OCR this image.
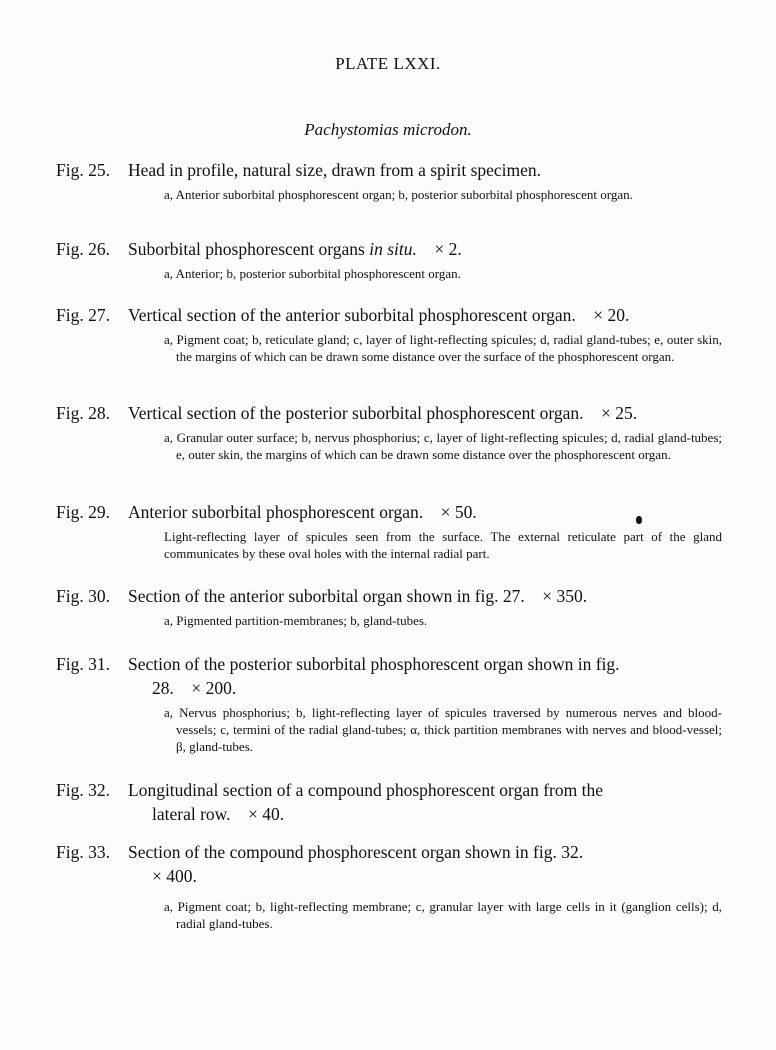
PLATE LXXI.
Pachystomias microdon.
Fig. 25.	Head in profile, natural size, drawn from a spirit specimen.
a, Anterior suborbital phosphorescent organ; b, posterior suborbital phosphorescent organ.
Fig. 26.	Suborbital phosphorescent organs in situ.    × 2.
a, Anterior; b, posterior suborbital phosphorescent organ.
Fig. 27.	Vertical section of the anterior suborbital phosphorescent organ.    × 20.
a, Pigment coat; b, reticulate gland; c, layer of light-reflecting spicules; d, radial gland-tubes; e, outer skin, the margins of which can be drawn some distance over the surface of the phosphorescent organ.
Fig. 28.	Vertical section of the posterior suborbital phosphorescent organ.    × 25.
a, Granular outer surface; b, nervus phosphorius; c, layer of light-reflecting spicules; d, radial gland-tubes; e, outer skin, the margins of which can be drawn some distance over the phosphorescent organ.
Fig. 29.	Anterior suborbital phosphorescent organ.    × 50.
Light-reflecting layer of spicules seen from the surface. The external reticulate part of the gland communicates by these oval holes with the internal radial part.
Fig. 30.	Section of the anterior suborbital organ shown in fig. 27.    × 350.
a, Pigmented partition-membranes; b, gland-tubes.
Fig. 31.	Section of the posterior suborbital phosphorescent organ shown in fig.
28.    × 200.
a, Nervus phosphorius; b, light-reflecting layer of spicules traversed by numerous nerves and blood-vessels; c, termini of the radial gland-tubes; α, thick partition membranes with nerves and blood-vessel; β, gland-tubes.
Fig. 32.	Longitudinal section of a compound phosphorescent organ from the
lateral row.    × 40.
Fig. 33.	Section of the compound phosphorescent organ shown in fig. 32.
× 400.
a, Pigment coat; b, light-reflecting membrane; c, granular layer with large cells in it (ganglion cells); d, radial gland-tubes.
